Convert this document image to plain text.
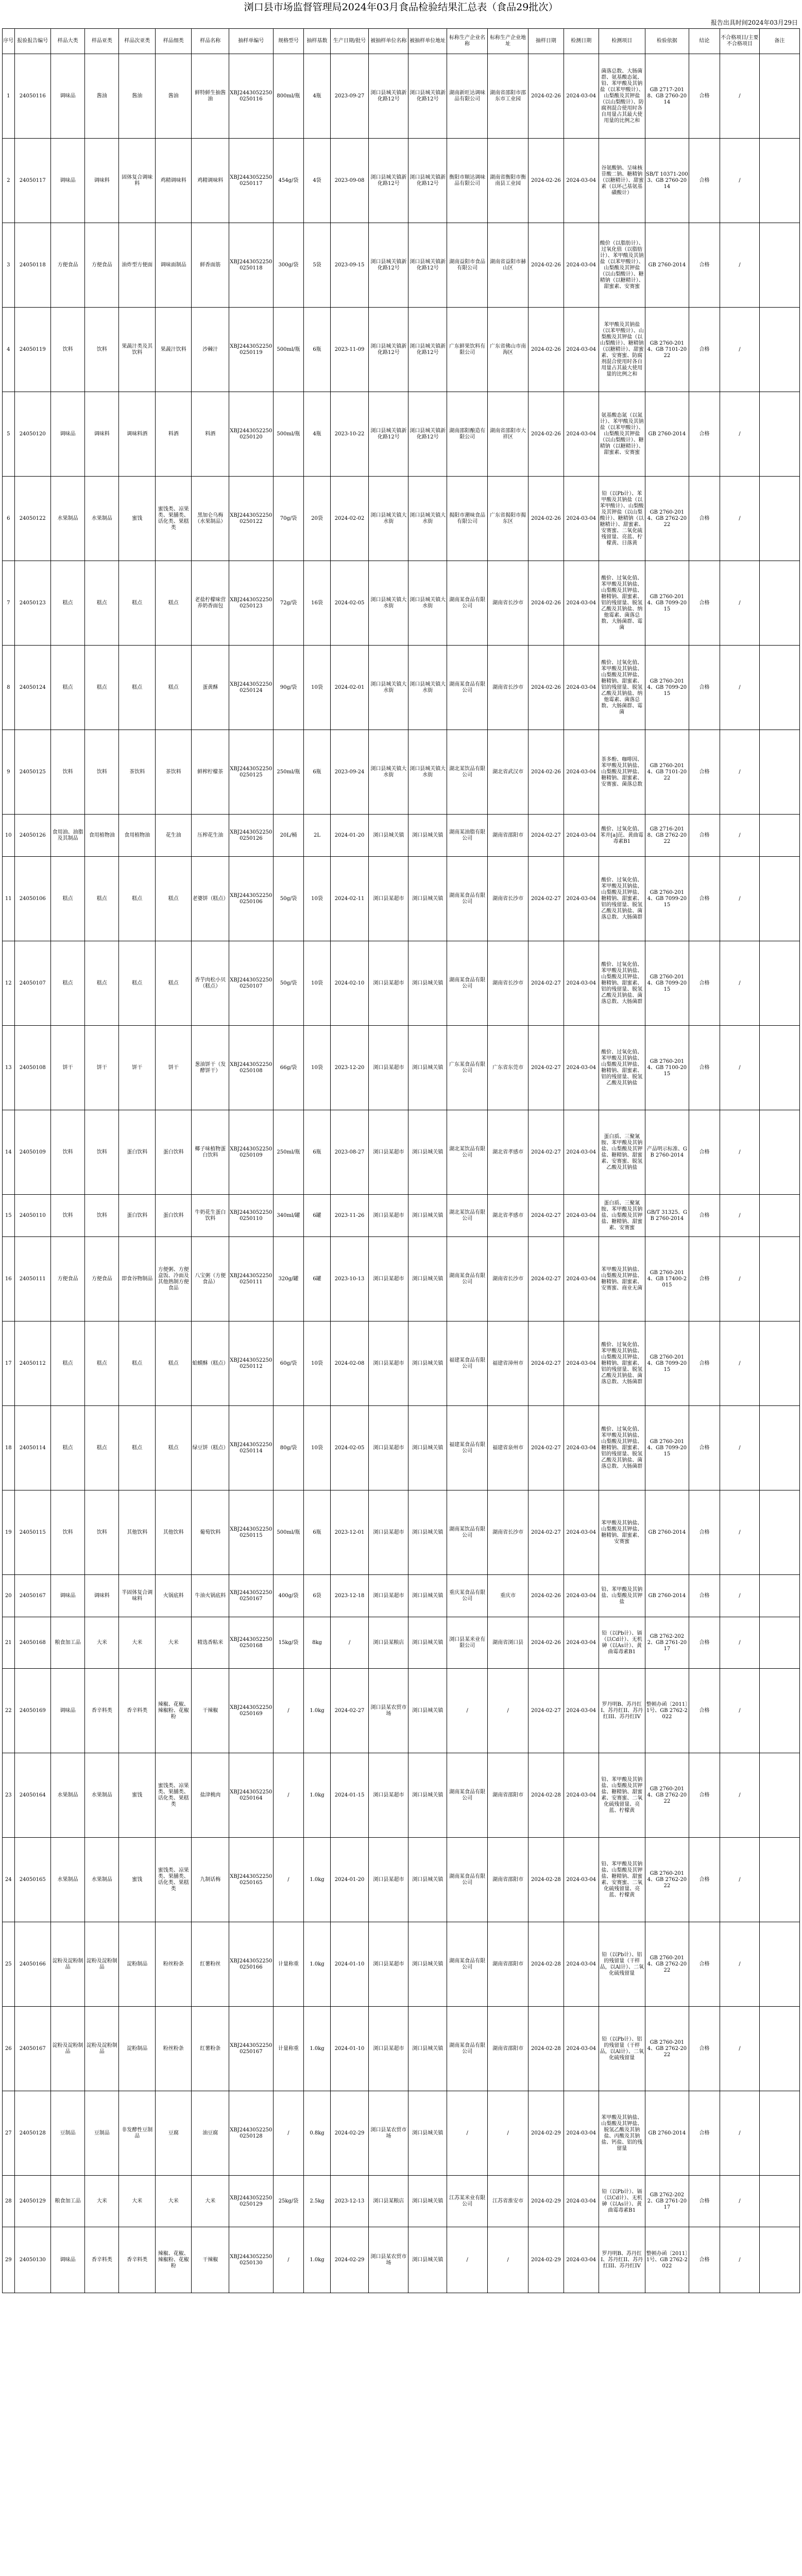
浏口县市场监督管理局2024年03月食品检验结果汇总表（食品29批次）
报告出具时间2024年03月29日
序号	报验报告编号	样品大类	样品亚类	样品次亚类	样品细类	样品名称	抽样单编号	规格型号	抽样基数	生产日期/批号	被抽样单位名称	被抽样单位地址	标称生产企业名称	标称生产企业地址	抽样日期	检测日期	检测项目	检验依据	结论	不合格项目/主要不合格项目	备注
1	24050116	调味品	酱油	酱油	酱油	鲜特鲜生抽酱油	XBJ24430522500250116	800ml/瓶	4瓶	2023-09-27	浏口县城关镇新化路12号	浏口县城关镇新化路12号	湖南新旺达调味品有限公司	湖南省邵阳市邵东市工业园	2024-02-26	2024-03-04	菌落总数、大肠菌群、氨基酸态氮、铅、苯甲酸及其钠盐（以苯甲酸计）、山梨酸及其钾盐（以山梨酸计）、防腐剂混合使用时各自用量占其最大使用量的比例之和	GB 2717-2018、GB 2760-2014	合格	/	
2	24050117	调味品	调味料	固体复合调味料	鸡精调味料	鸡精调味料	XBJ24430522500250117	454g/袋	4袋	2023-09-08	浏口县城关镇新化路12号	浏口县城关镇新化路12号	衡阳市顺达调味品有限公司	湖南省衡阳市衡南县工业园	2024-02-26	2024-03-04	谷氨酸钠、呈味核苷酸二钠、糖精钠（以糖精计）、甜蜜素（以环己基氨基磺酸计）	SB/T 10371-2003、GB 2760-2014	合格	/	
3	24050118	方便食品	方便食品	油炸型方便面	调味面制品	鲜香面筋	XBJ24430522500250118	300g/袋	5袋	2023-09-15	浏口县城关镇新化路12号	浏口县城关镇新化路12号	湖南益阳市食品有限公司	湖南省益阳市赫山区	2024-02-26	2024-03-04	酸价（以脂肪计）、过氧化值（以脂肪计）、苯甲酸及其钠盐（以苯甲酸计）、山梨酸及其钾盐（以山梨酸计）、糖精钠（以糖精计）、甜蜜素、安赛蜜	GB 2760-2014	合格	/	
4	24050119	饮料	饮料	果蔬汁类及其饮料	果蔬汁饮料	沙棘汁	XBJ24430522500250119	500ml/瓶	6瓶	2023-11-09	浏口县城关镇新化路12号	浏口县城关镇新化路12号	广东鲜果饮料有限公司	广东省佛山市南海区	2024-02-26	2024-03-04	苯甲酸及其钠盐（以苯甲酸计）、山梨酸及其钾盐（以山梨酸计）、糖精钠（以糖精计）、甜蜜素、安赛蜜、防腐剂混合使用时各自用量占其最大使用量的比例之和	GB 2760-2014、GB 7101-2022	合格	/	
5	24050120	调味品	调味料	调味料酒	料酒	料酒	XBJ24430522500250120	500ml/瓶	4瓶	2023-10-22	浏口县城关镇新化路12号	浏口县城关镇新化路12号	湖南邵阳酿造有限公司	湖南省邵阳市大祥区	2024-02-26	2024-03-04	氨基酸态氮（以氮计）、苯甲酸及其钠盐（以苯甲酸计）、山梨酸及其钾盐（以山梨酸计）、糖精钠（以糖精计）、甜蜜素、安赛蜜	GB 2760-2014	合格	/	
6	24050122	水果制品	水果制品	蜜饯	蜜饯类、凉果类、果脯类、话化类、果糕类	黑加仑乌梅（水果制品）	XBJ24430522500250122	70g/袋	20袋	2024-02-02	浏口县城关镇大水街	浏口县城关镇大水街	揭阳市潮味食品有限公司	广东省揭阳市揭东区	2024-02-26	2024-03-04	铅（以Pb计）、苯甲酸及其钠盐（以苯甲酸计）、山梨酸及其钾盐（以山梨酸计）、糖精钠（以糖精计）、甜蜜素、安赛蜜、二氧化硫残留量、亮蓝、柠檬黄、日落黄	GB 2760-2014、GB 2762-2022	合格	/	
7	24050123	糕点	糕点	糕点	糕点	老盐柠檬味营养奶香面包	XBJ24430522500250123	72g/袋	16袋	2024-02-05	浏口县城关镇大水街	浏口县城关镇大水街	湖南某食品有限公司	湖南省长沙市	2024-02-26	2024-03-04	酸价、过氧化值、苯甲酸及其钠盐、山梨酸及其钾盐、糖精钠、甜蜜素、铝的残留量、脱氢乙酸及其钠盐、纳他霉素、菌落总数、大肠菌群、霉菌	GB 2760-2014、GB 7099-2015	合格	/	
8	24050124	糕点	糕点	糕点	糕点	蛋黄酥	XBJ24430522500250124	90g/袋	10袋	2024-02-01	浏口县城关镇大水街	浏口县城关镇大水街	湖南某食品有限公司	湖南省长沙市	2024-02-26	2024-03-04	酸价、过氧化值、苯甲酸及其钠盐、山梨酸及其钾盐、糖精钠、甜蜜素、铝的残留量、脱氢乙酸及其钠盐、纳他霉素、菌落总数、大肠菌群、霉菌	GB 2760-2014、GB 7099-2015	合格	/	
9	24050125	饮料	饮料	茶饮料	茶饮料	鲜榨柠檬茶	XBJ24430522500250125	250ml/瓶	6瓶	2023-09-24	浏口县城关镇大水街	浏口县城关镇大水街	湖北某饮品有限公司	湖北省武汉市	2024-02-26	2024-03-04	茶多酚、咖啡因、苯甲酸及其钠盐、山梨酸及其钾盐、糖精钠、甜蜜素、安赛蜜、菌落总数	GB 2760-2014、GB 7101-2022	合格	/	
10	24050126	食用油、油脂及其制品	食用植物油	食用植物油	花生油	压榨花生油	XBJ24430522500250126	20L/桶	2L	2024-01-20	浏口县城关镇	浏口县城关镇	湖南某油脂有限公司	湖南省邵阳市	2024-02-27	2024-03-04	酸价、过氧化值、苯并[a]芘、黄曲霉毒素B1	GB 2716-2018、GB 2762-2022	合格	/	
11	24050106	糕点	糕点	糕点	糕点	老婆饼（糕点）	XBJ24430522500250106	50g/袋	10袋	2024-02-11	浏口县某超市	浏口县城关镇	湖南某食品有限公司	湖南省长沙市	2024-02-27	2024-03-04	酸价、过氧化值、苯甲酸及其钠盐、山梨酸及其钾盐、糖精钠、甜蜜素、铝的残留量、脱氢乙酸及其钠盐、菌落总数、大肠菌群	GB 2760-2014、GB 7099-2015	合格	/	
12	24050107	糕点	糕点	糕点	糕点	香芋肉松小贝（糕点）	XBJ24430522500250107	50g/袋	10袋	2024-02-10	浏口县某超市	浏口县城关镇	湖南某食品有限公司	湖南省长沙市	2024-02-27	2024-03-04	酸价、过氧化值、苯甲酸及其钠盐、山梨酸及其钾盐、糖精钠、甜蜜素、铝的残留量、脱氢乙酸及其钠盐、菌落总数、大肠菌群	GB 2760-2014、GB 7099-2015	合格	/	
13	24050108	饼干	饼干	饼干	饼干	葱油饼干（发酵饼干）	XBJ24430522500250108	66g/袋	10袋	2023-12-20	浏口县某超市	浏口县城关镇	广东某食品有限公司	广东省东莞市	2024-02-27	2024-03-04	酸价、过氧化值、苯甲酸及其钠盐、山梨酸及其钾盐、糖精钠、甜蜜素、铝的残留量、脱氢乙酸及其钠盐	GB 2760-2014、GB 7100-2015	合格	/	
14	24050109	饮料	饮料	蛋白饮料	蛋白饮料	椰子味植物蛋白饮料	XBJ24430522500250109	250ml/瓶	6瓶	2023-08-27	浏口县某超市	浏口县城关镇	湖北某饮品有限公司	湖北省孝感市	2024-02-27	2024-03-04	蛋白质、三聚氰胺、苯甲酸及其钠盐、山梨酸及其钾盐、糖精钠、甜蜜素、安赛蜜、脱氢乙酸及其钠盐	产品明示标准、GB 2760-2014	合格	/	
15	24050110	饮料	饮料	蛋白饮料	蛋白饮料	牛奶花生蛋白饮料	XBJ24430522500250110	340ml/罐	6罐	2023-11-26	浏口县某超市	浏口县城关镇	湖北某饮品有限公司	湖北省孝感市	2024-02-27	2024-03-04	蛋白质、三聚氰胺、苯甲酸及其钠盐、山梨酸及其钾盐、糖精钠、甜蜜素、安赛蜜	GB/T 31325、GB 2760-2014	合格	/	
16	24050111	方便食品	方便食品	即食谷物制品	方便粥、方便盒饭、冷面及其他熟制方便食品	八宝粥（方便食品）	XBJ24430522500250111	320g/罐	6罐	2023-10-13	浏口县某超市	浏口县城关镇	湖南某食品有限公司	湖南省长沙市	2024-02-27	2024-03-04	苯甲酸及其钠盐、山梨酸及其钾盐、糖精钠、甜蜜素、安赛蜜、商业无菌	GB 2760-2014、GB 17400-2015	合格	/	
17	24050112	糕点	糕点	糕点	糕点	蛤蟆酥（糕点）	XBJ24430522500250112	60g/袋	10袋	2024-02-08	浏口县某超市	浏口县城关镇	福建某食品有限公司	福建省漳州市	2024-02-27	2024-03-04	酸价、过氧化值、苯甲酸及其钠盐、山梨酸及其钾盐、糖精钠、甜蜜素、铝的残留量、脱氢乙酸及其钠盐、菌落总数、大肠菌群	GB 2760-2014、GB 7099-2015	合格	/	
18	24050114	糕点	糕点	糕点	糕点	绿豆饼（糕点）	XBJ24430522500250114	80g/袋	10袋	2024-02-05	浏口县某超市	浏口县城关镇	福建某食品有限公司	福建省泉州市	2024-02-27	2024-03-04	酸价、过氧化值、苯甲酸及其钠盐、山梨酸及其钾盐、糖精钠、甜蜜素、铝的残留量、脱氢乙酸及其钠盐、菌落总数、大肠菌群	GB 2760-2014、GB 7099-2015	合格	/	
19	24050115	饮料	饮料	其他饮料	其他饮料	葡萄饮料	XBJ24430522500250115	500ml/瓶	6瓶	2023-12-01	浏口县某超市	浏口县城关镇	湖南某饮品有限公司	湖南省长沙市	2024-02-27	2024-03-04	苯甲酸及其钠盐、山梨酸及其钾盐、糖精钠、甜蜜素、安赛蜜	GB 2760-2014	合格	/	
20	24050167	调味品	调味料	半固体复合调味料	火锅底料	牛油火锅底料	XBJ24430522500250167	400g/袋	6袋	2023-12-18	浏口县某超市	浏口县城关镇	重庆某食品有限公司	重庆市	2024-02-26	2024-03-04	铅、苯甲酸及其钠盐、山梨酸及其钾盐	GB 2760-2014	合格	/	
21	24050168	粮食加工品	大米	大米	大米	精选香粘米	XBJ24430522500250168	15kg/袋	8kg	/	浏口县某粮店	浏口县城关镇	浏口县某米业有限公司	湖南省浏口县	2024-02-26	2024-03-04	铅（以Pb计）、镉（以Cd计）、无机砷（以As计）、黄曲霉毒素B1	GB 2762-2022、GB 2761-2017	合格	/	
22	24050169	调味品	香辛料类	香辛料类	辣椒、花椒、辣椒粉、花椒粉	干辣椒	XBJ24430522500250169	/	1.0kg	2024-02-27	浏口县某农贸市场	浏口县城关镇	/	/	2024-02-27	2024-03-04	罗丹明B、苏丹红I、苏丹红II、苏丹红III、苏丹红IV	整顿办函〔2011〕1号、GB 2762-2022	合格	/	
23	24050164	水果制品	水果制品	蜜饯	蜜饯类、凉果类、果脯类、话化类、果糕类	盐津桃肉	XBJ24430522500250164	/	1.0kg	2024-01-15	浏口县某超市	浏口县城关镇	湖南某食品有限公司	湖南省邵阳市	2024-02-28	2024-03-04	铅、苯甲酸及其钠盐、山梨酸及其钾盐、糖精钠、甜蜜素、安赛蜜、二氧化硫残留量、亮蓝、柠檬黄	GB 2760-2014、GB 2762-2022	合格	/	
24	24050165	水果制品	水果制品	蜜饯	蜜饯类、凉果类、果脯类、话化类、果糕类	九制话梅	XBJ24430522500250165	/	1.0kg	2024-01-20	浏口县某超市	浏口县城关镇	湖南某食品有限公司	湖南省邵阳市	2024-02-28	2024-03-04	铅、苯甲酸及其钠盐、山梨酸及其钾盐、糖精钠、甜蜜素、安赛蜜、二氧化硫残留量、亮蓝、柠檬黄	GB 2760-2014、GB 2762-2022	合格	/	
25	24050166	淀粉及淀粉制品	淀粉及淀粉制品	淀粉制品	粉丝粉条	红薯粉丝	XBJ24430522500250166	计量称重	1.0kg	2024-01-10	浏口县某超市	浏口县城关镇	湖南某食品有限公司	湖南省邵阳市	2024-02-28	2024-03-04	铅（以Pb计）、铝的残留量（干样品，以Al计）、二氧化硫残留量	GB 2760-2014、GB 2762-2022	合格	/	
26	24050167	淀粉及淀粉制品	淀粉及淀粉制品	淀粉制品	粉丝粉条	红薯粉条	XBJ24430522500250167	计量称重	1.0kg	2024-01-10	浏口县某超市	浏口县城关镇	湖南某食品有限公司	湖南省邵阳市	2024-02-28	2024-03-04	铅（以Pb计）、铝的残留量（干样品，以Al计）、二氧化硫残留量	GB 2760-2014、GB 2762-2022	合格	/	
27	24050128	豆制品	豆制品	非发酵性豆制品	豆腐	油豆腐	XBJ24430522500250128	/	0.8kg	2024-02-29	浏口县某农贸市场	浏口县城关镇	/	/	2024-02-29	2024-03-04	苯甲酸及其钠盐、山梨酸及其钾盐、脱氢乙酸及其钠盐、丙酸及其钠盐、钙盐、铝的残留量	GB 2760-2014	合格	/	
28	24050129	粮食加工品	大米	大米	大米	大米	XBJ24430522500250129	25kg/袋	2.5kg	2023-12-13	浏口县某粮店	浏口县城关镇	江苏某米业有限公司	江苏省淮安市	2024-02-29	2024-03-04	铅（以Pb计）、镉（以Cd计）、无机砷（以As计）、黄曲霉毒素B1	GB 2762-2022、GB 2761-2017	合格	/	
29	24050130	调味品	香辛料类	香辛料类	辣椒、花椒、辣椒粉、花椒粉	干辣椒	XBJ24430522500250130	/	1.0kg	2024-02-29	浏口县某农贸市场	浏口县城关镇	/	/	2024-02-29	2024-03-04	罗丹明B、苏丹红I、苏丹红II、苏丹红III、苏丹红IV	整顿办函〔2011〕1号、GB 2762-2022	合格	/	
